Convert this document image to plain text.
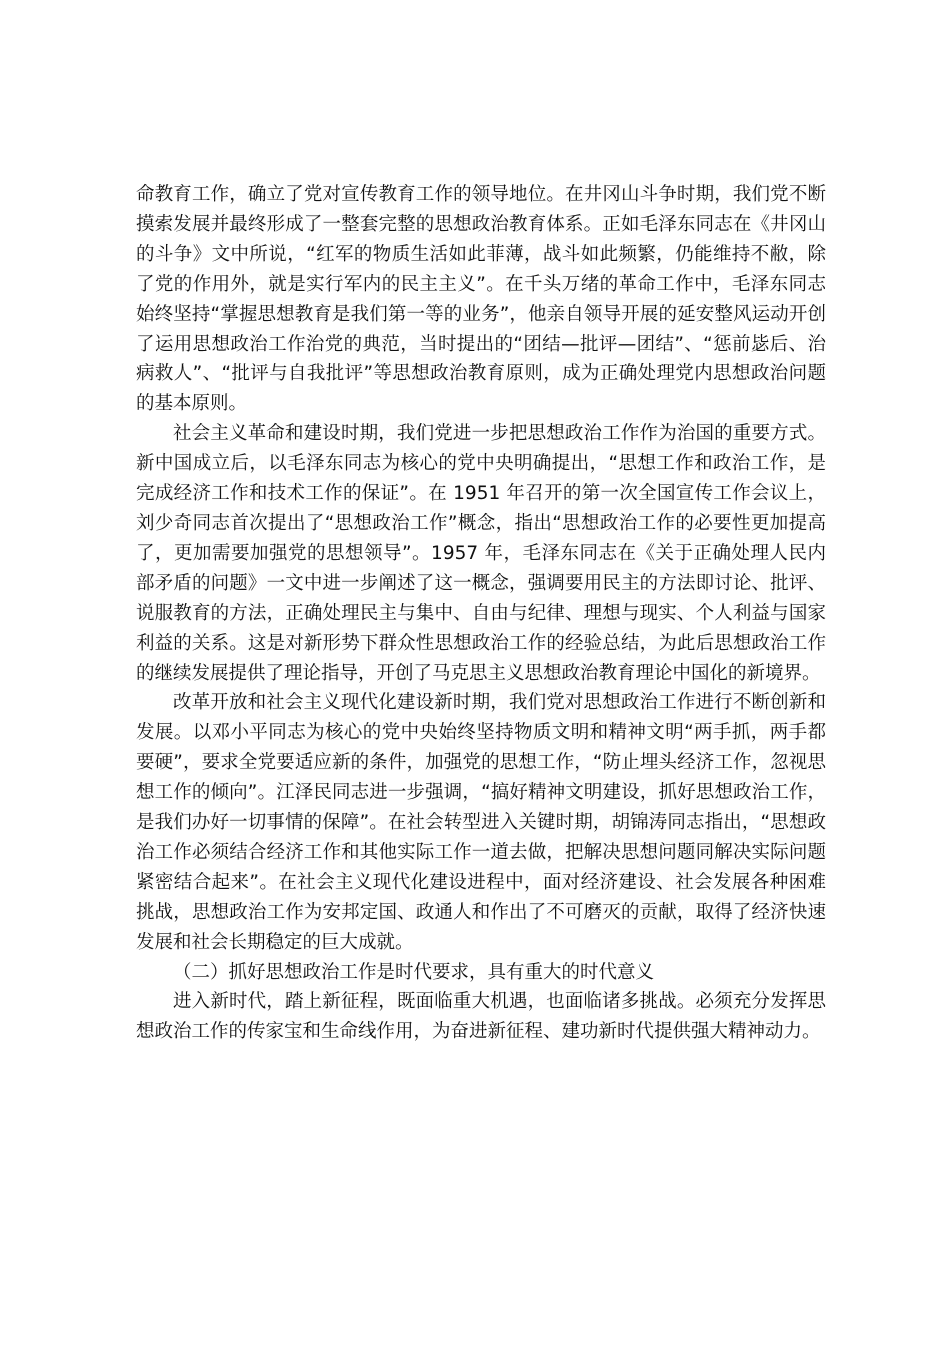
命教育工作，确立了党对宣传教育工作的领导地位。在井冈山斗争时期，我们党不断摸索发展并最终形成了一整套完整的思想政治教育体系。正如毛泽东同志在《井冈山的斗争》文中所说，“红军的物质生活如此菲薄，战斗如此频繁，仍能维持不敝，除了党的作用外，就是实行军内的民主主义”。在千头万绪的革命工作中，毛泽东同志始终坚持“掌握思想教育是我们第一等的业务”，他亲自领导开展的延安整风运动开创了运用思想政治工作治党的典范，当时提出的“团结—批评—团结”、“惩前毖后、治病救人”、“批评与自我批评”等思想政治教育原则，成为正确处理党内思想政治问题的基本原则。

社会主义革命和建设时期，我们党进一步把思想政治工作作为治国的重要方式。新中国成立后，以毛泽东同志为核心的党中央明确提出，“思想工作和政治工作，是完成经济工作和技术工作的保证”。在 1951 年召开的第一次全国宣传工作会议上，刘少奇同志首次提出了“思想政治工作”概念，指出“思想政治工作的必要性更加提高了，更加需要加强党的思想领导”。1957 年，毛泽东同志在《关于正确处理人民内部矛盾的问题》一文中进一步阐述了这一概念，强调要用民主的方法即讨论、批评、说服教育的方法，正确处理民主与集中、自由与纪律、理想与现实、个人利益与国家利益的关系。这是对新形势下群众性思想政治工作的经验总结，为此后思想政治工作的继续发展提供了理论指导，开创了马克思主义思想政治教育理论中国化的新境界。

改革开放和社会主义现代化建设新时期，我们党对思想政治工作进行不断创新和发展。以邓小平同志为核心的党中央始终坚持物质文明和精神文明“两手抓，两手都要硬”，要求全党要适应新的条件，加强党的思想工作，“防止埋头经济工作，忽视思想工作的倾向”。江泽民同志进一步强调，“搞好精神文明建设，抓好思想政治工作，是我们办好一切事情的保障”。在社会转型进入关键时期，胡锦涛同志指出，“思想政治工作必须结合经济工作和其他实际工作一道去做，把解决思想问题同解决实际问题紧密结合起来”。在社会主义现代化建设进程中，面对经济建设、社会发展各种困难挑战，思想政治工作为安邦定国、政通人和作出了不可磨灭的贡献，取得了经济快速发展和社会长期稳定的巨大成就。

（二）抓好思想政治工作是时代要求，具有重大的时代意义

进入新时代，踏上新征程，既面临重大机遇，也面临诸多挑战。必须充分发挥思想政治工作的传家宝和生命线作用，为奋进新征程、建功新时代提供强大精神动力。
